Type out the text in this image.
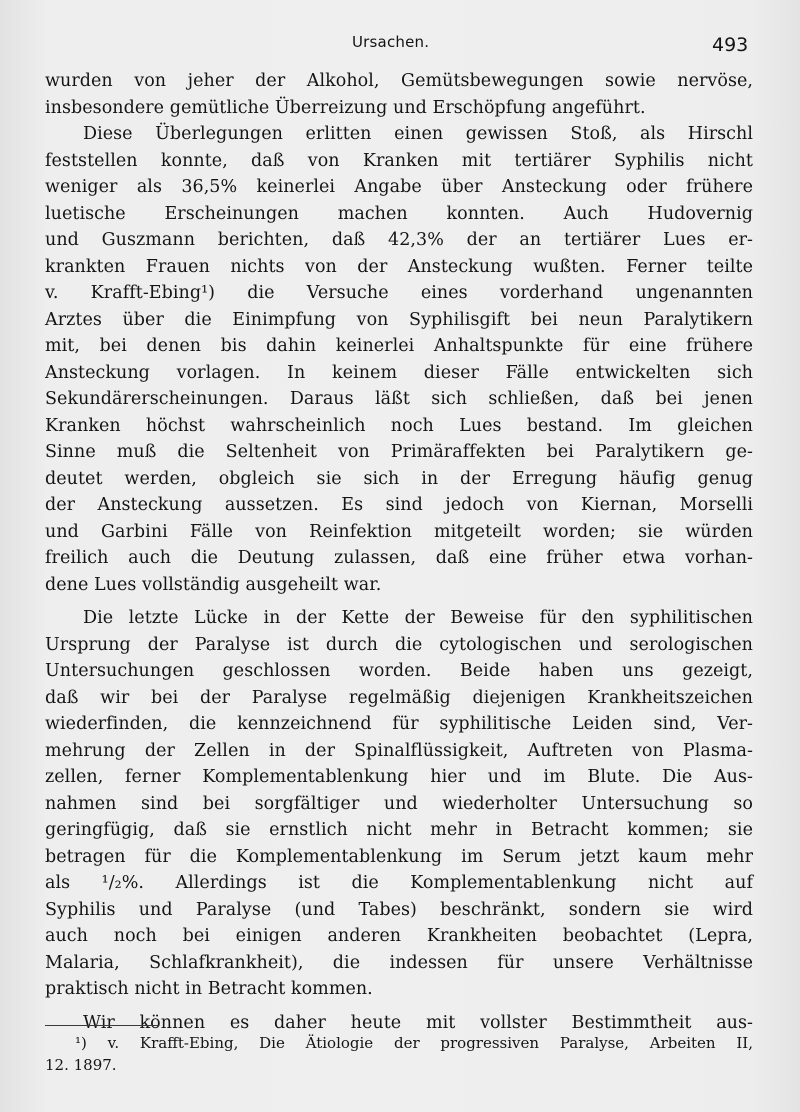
Ursachen.	493
wurden von jeher der Alkohol, Gemütsbewegungen sowie nervöse,
insbesondere gemütliche Überreizung und Erschöpfung angeführt.
Diese Überlegungen erlitten einen gewissen Stoß, als Hirschl
feststellen konnte, daß von Kranken mit tertiärer Syphilis nicht
weniger als 36,5% keinerlei Angabe über Ansteckung oder frühere
luetische Erscheinungen machen konnten. Auch Hudovernig
und Guszmann berichten, daß 42,3% der an tertiärer Lues er-
krankten Frauen nichts von der Ansteckung wußten. Ferner teilte
v. Krafft-Ebing¹) die Versuche eines vorderhand ungenannten
Arztes über die Einimpfung von Syphilisgift bei neun Paralytikern
mit, bei denen bis dahin keinerlei Anhaltspunkte für eine frühere
Ansteckung vorlagen. In keinem dieser Fälle entwickelten sich
Sekundärerscheinungen. Daraus läßt sich schließen, daß bei jenen
Kranken höchst wahrscheinlich noch Lues bestand. Im gleichen
Sinne muß die Seltenheit von Primäraffekten bei Paralytikern ge-
deutet werden, obgleich sie sich in der Erregung häufig genug
der Ansteckung aussetzen. Es sind jedoch von Kiernan, Morselli
und Garbini Fälle von Reinfektion mitgeteilt worden; sie würden
freilich auch die Deutung zulassen, daß eine früher etwa vorhan-
dene Lues vollständig ausgeheilt war.
Die letzte Lücke in der Kette der Beweise für den syphilitischen
Ursprung der Paralyse ist durch die cytologischen und serologischen
Untersuchungen geschlossen worden. Beide haben uns gezeigt,
daß wir bei der Paralyse regelmäßig diejenigen Krankheitszeichen
wiederfinden, die kennzeichnend für syphilitische Leiden sind, Ver-
mehrung der Zellen in der Spinalflüssigkeit, Auftreten von Plasma-
zellen, ferner Komplementablenkung hier und im Blute. Die Aus-
nahmen sind bei sorgfältiger und wiederholter Untersuchung so
geringfügig, daß sie ernstlich nicht mehr in Betracht kommen; sie
betragen für die Komplementablenkung im Serum jetzt kaum mehr
als ¹/₂%. Allerdings ist die Komplementablenkung nicht auf
Syphilis und Paralyse (und Tabes) beschränkt, sondern sie wird
auch noch bei einigen anderen Krankheiten beobachtet (Lepra,
Malaria, Schlafkrankheit), die indessen für unsere Verhältnisse
praktisch nicht in Betracht kommen.
Wir können es daher heute mit vollster Bestimmtheit aus-
¹) v. Krafft-Ebing, Die Ätiologie der progressiven Paralyse, Arbeiten II,
12. 1897.
